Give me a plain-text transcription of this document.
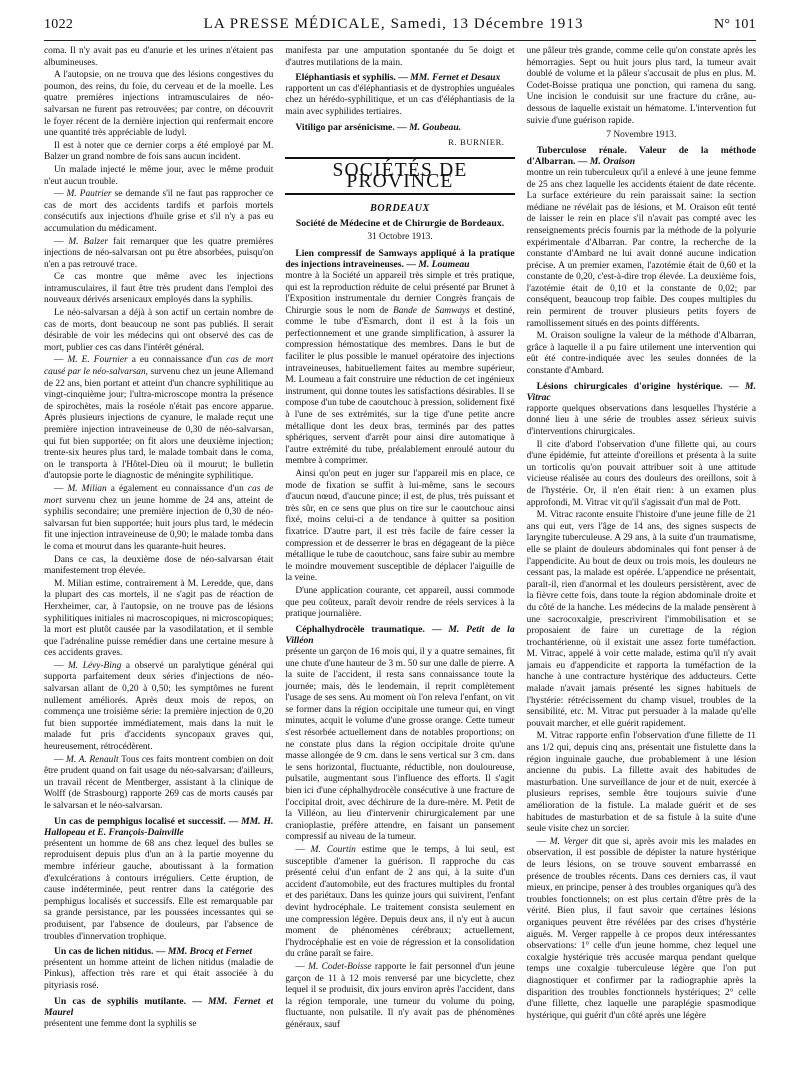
1022	LA PRESSE MÉDICALE, Samedi, 13 Décembre 1913	N° 101

coma. Il n'y avait pas eu d'anurie et les urines n'étaient pas albumineuses.

A l'autopsie, on ne trouva que des lésions congestives du poumon, des reins, du foie, du cerveau et de la moelle. Les quatre premières injections intramusculaires de néo-salvarsan ne furent pas retrouvées; par contre, on découvrit le foyer récent de la dernière injection qui renfermait encore une quantité très appréciable de ludyl.

Il est à noter que ce dernier corps a été employé par M. Balzer un grand nombre de fois sans aucun incident.

Un malade injecté le même jour, avec le même produit n'eut aucun trouble.

— M. Pautrier se demande s'il ne faut pas rapprocher ce cas de mort des accidents tardifs et parfois mortels consécutifs aux injections d'huile grise et s'il n'y a pas eu accumulation du médicament.

— M. Balzer fait remarquer que les quatre premières injections de néo-salvarsan ont pu être absorbées, puisqu'on n'en a pas retrouvé trace.

Ce cas montre que même avec les injections intramusculaires, il faut être très prudent dans l'emploi des nouveaux dérivés arsenicaux employés dans la syphilis.

Le néo-salvarsan a déjà à son actif un certain nombre de cas de morts, dont beaucoup ne sont pas publiés. Il serait désirable de voir les médecins qui ont observé des cas de mort, publier ces cas dans l'intérêt général.

— M. E. Fournier a eu connaissance d'un cas de mort causé par le néo-salvarsan, survenu chez un jeune Allemand de 22 ans, bien portant et atteint d'un chancre syphilitique au vingt-cinquième jour; l'ultra-microscope montra la présence de spirochètes, mais la roséole n'était pas encore apparue. Après plusieurs injections de cyanure, le malade reçut une première injection intraveineuse de 0,30 de néo-salvarsan, qui fut bien supportée; on fit alors une deuxième injection; trente-six heures plus tard, le malade tombait dans le coma, on le transporta à l'Hôtel-Dieu où il mourut; le bulletin d'autopsie porte le diagnostic de méningite syphilitique.

— M. Milian a également eu connaissance d'un cas de mort survenu chez un jeune homme de 24 ans, atteint de syphilis secondaire; une première injection de 0,30 de néo-salvarsan fut bien supportée; huit jours plus tard, le médecin fit une injection intraveineuse de 0,90; le malade tomba dans le coma et mourut dans les quarante-huit heures.

Dans ce cas, la deuxième dose de néo-salvarsan était manifestement trop élevée.

M. Milian estime, contrairement à M. Leredde, que, dans la plupart des cas mortels, il ne s'agit pas de réaction de Herxheimer, car, à l'autopsie, on ne trouve pas de lésions syphilitiques initiales ni macroscopiques, ni microscopiques; la mort est plutôt causée par la vasodilatation, et il semble que l'adrénaline puisse remédier dans une certaine mesure à ces accidents graves.

— M. Lévy-Bing a observé un paralytique général qui supporta parfaitement deux séries d'injections de néo-salvarsan allant de 0,20 à 0,50; les symptômes ne furent nullement améliorés. Après deux mois de repos, on commença une troisième série: la première injection de 0,20 fut bien supportée immédiatement, mais dans la nuit le malade fut pris d'accidents syncopaux graves qui, heureusement, rétrocédèrent.

— M. A. Renault Tous ces faits montrent combien on doit être prudent quand on fait usage du néo-salvarsan; d'ailleurs, un travail récent de Mentberger, assistant à la clinique de Wolff (de Strasbourg) rapporte 269 cas de morts causés par le salvarsan et le néo-salvarsan.

Un cas de pemphigus localisé et successif. — MM. H. Hallopeau et E. François-Dainville

présentent un homme de 68 ans chez lequel des bulles se reproduisent depuis plus d'un an à la partie moyenne du membre inférieur gauche, aboutissant à la formation d'exulcérations à contours irréguliers. Cette éruption, de cause indéterminée, peut rentrer dans la catégorie des pemphigus localisés et successifs. Elle est remarquable par sa grande persistance, par les poussées incessantes qui se produisent, par l'absence de douleurs, par l'absence de troubles d'innervation trophique.

Un cas de lichen nitidus. — MM. Brocq et Fernet

présentent un homme atteint de lichen nitidus (maladie de Pinkus), affection très rare et qui était associée à du pityriasis rosé.

Un cas de syphilis mutilante. — MM. Fernet et Maurel

présentent une femme dont la syphilis se

manifesta par une amputation spontanée du 5e doigt et d'autres mutilations de la main.

Eléphantiasis et syphilis. — MM. Fernet et Desaux

rapportent un cas d'éléphantiasis et de dystrophies unguéales chez un hérédo-syphilitique, et un cas d'éléphantiasis de la main avec syphilides tertiaires.

Vitiligo par arsénicisme. — M. Goubeau.
R. BURNIER.
SOCIÉTÉS DE PROVINCE
BORDEAUX
Société de Médecine et de Chirurgie de Bordeaux.
31 Octobre 1913.
Lien compressif de Samways appliqué à la pratique des injections intraveineuses. — M. Loumeau

montre à la Société un appareil très simple et très pratique, qui est la reproduction réduite de celui présenté par Brunet à l'Exposition instrumentale du dernier Congrès français de Chirurgie sous le nom de Bande de Samways et destiné, comme le tube d'Esmarch, dont il est à la fois un perfectionnement et une grande simplification, à assurer la compression hémostatique des membres. Dans le but de faciliter le plus possible le manuel opératoire des injections intraveineuses, habituellement faites au membre supérieur, M. Loumeau a fait construire une réduction de cet ingénieux instrument, qui donne toutes les satisfactions désirables. Il se compose d'un tube de caoutchouc à pression, solidement fixé à l'une de ses extrémités, sur la tige d'une petite ancre métallique dont les deux bras, terminés par des pattes sphériques, servent d'arrêt pour ainsi dire automatique à l'autre extrémité du tube, préalablement enroulé autour du membre à comprimer.

Ainsi qu'on peut en juger sur l'appareil mis en place, ce mode de fixation se suffit à lui-même, sans le secours d'aucun nœud, d'aucune pince; il est, de plus, très puissant et très sûr, en ce sens que plus on tire sur le caoutchouc ainsi fixé, moins celui-ci a de tendance à quitter sa position fixatrice. D'autre part, il est très facile de faire cesser la compression et de desserrer le bras en dégageant de la pièce métallique le tube de caoutchouc, sans faire subir au membre le moindre mouvement susceptible de déplacer l'aiguille de la veine.

D'une application courante, cet appareil, aussi commode que peu coûteux, paraît devoir rendre de réels services à la pratique journalière.

Céphalhydrocèle traumatique. — M. Petit de la Villéon

présente un garçon de 16 mois qui, il y a quatre semaines, fit une chute d'une hauteur de 3 m. 50 sur une dalle de pierre. A la suite de l'accident, il resta sans connaissance toute la journée; mais, dès le lendemain, il reprit complètement l'usage de ses sens. Au moment où l'on releva l'enfant, on vit se former dans la région occipitale une tumeur qui, en vingt minutes, acquit le volume d'une grosse orange. Cette tumeur s'est résorbée actuellement dans de notables proportions; on ne constate plus dans la région occipitale droite qu'une masse allongée de 9 cm. dans le sens vertical sur 3 cm. dans le sens horizontal, fluctuante, réductible, non douloureuse, pulsatile, augmentant sous l'influence des efforts. Il s'agit bien ici d'une céphalhydrocèle consécutive à une fracture de l'occipital droit, avec déchirure de la dure-mère. M. Petit de la Villéon, au lieu d'intervenir chirurgicalement par une cranioplastie, préfère attendre, en faisant un pansement compressif au niveau de la tumeur.

— M. Courtin estime que le temps, à lui seul, est susceptible d'amener la guérison. Il rapproche du cas présenté celui d'un enfant de 2 ans qui, à la suite d'un accident d'automobile, eut des fractures multiples du frontal et des pariétaux. Dans les quinze jours qui suivirent, l'enfant devint hydrocéphale. Le traitement consista seulement en une compression légère. Depuis deux ans, il n'y eut à aucun moment de phénomènes cérébraux; actuellement, l'hydrocéphalie est en voie de régression et la consolidation du crâne paraît se faire.

— M. Codet-Boisse rapporte le fait personnel d'un jeune garçon de 11 à 12 mois renversé par une bicyclette, chez lequel il se produisit, dix jours environ après l'accident, dans la région temporale, une tumeur du volume du poing, fluctuante, non pulsatile. Il n'y avait pas de phénomènes généraux, sauf

une pâleur très grande, comme celle qu'on constate après les hémorragies. Sept ou huit jours plus tard, la tumeur avait doublé de volume et la pâleur s'accusait de plus en plus. M. Codet-Boisse pratiqua une ponction, qui ramena du sang. Une incision le conduisit sur une fracture du crâne, au-dessous de laquelle existait un hématome. L'intervention fut suivie d'une guérison rapide.

7 Novembre 1913.
Tuberculose rénale. Valeur de la méthode d'Albarran. — M. Oraison

montre un rein tuberculeux qu'il a enlevé à une jeune femme de 25 ans chez laquelle les accidents étaient de date récente. La surface extérieure du rein paraissait saine: la section médiane ne révélait pas de lésions, et M. Oraison eût tenté de laisser le rein en place s'il n'avait pas compté avec les renseignements précis fournis par la méthode de la polyurie expérimentale d'Albarran. Par contre, la recherche de la constante d'Ambard ne lui avait donné aucune indication précise. A un premier examen, l'azotémie était de 0,60 et la constante de 0,20, c'est-à-dire trop élevée. La deuxième fois, l'azotémie était de 0,10 et la constante de 0,02; par conséquent, beaucoup trop faible. Des coupes multiples du rein permirent de trouver plusieurs petits foyers de ramollissement situés en des points différents.

M. Oraison souligne la valeur de la méthode d'Albarran, grâce à laquelle il a pu faire utilement une intervention qui eût été contre-indiquée avec les seules données de la constante d'Ambard.

Lésions chirurgicales d'origine hystérique. — M. Vitrac

rapporte quelques observations dans lesquelles l'hystérie a donné lieu à une série de troubles assez sérieux suivis d'interventions chirurgicales.

Il cite d'abord l'observation d'une fillette qui, au cours d'une épidémie, fut atteinte d'oreillons et présenta à la suite un torticolis qu'on pouvait attribuer soit à une attitude vicieuse réalisée au cours des douleurs des oreillons, soit à de l'hystérie. Or, il n'en était rien: à un examen plus approfondi, M. Vitrac vit qu'il s'agissait d'un mal de Pott.

M. Vitrac raconte ensuite l'histoire d'une jeune fille de 21 ans qui eut, vers l'âge de 14 ans, des signes suspects de laryngite tuberculeuse. A 29 ans, à la suite d'un traumatisme, elle se plaint de douleurs abdominales qui font penser à de l'appendicite. Au bout de deux ou trois mois, les douleurs ne cessant pas, la malade est opérée. L'appendice ne présentait, paraît-il, rien d'anormal et les douleurs persistèrent, avec de la fièvre cette fois, dans toute la région abdominale droite et du côté de la hanche. Les médecins de la malade pensèrent à une sacrocoxalgie, prescrivirent l'immobilisation et se proposaient de faire un curettage de la région trochantérienne, où il existait une assez forte tuméfaction. M. Vitrac, appelé à voir cette malade, estima qu'il n'y avait jamais eu d'appendicite et rapporta la tuméfaction de la hanche à une contracture hystérique des adducteurs. Cette malade n'avait jamais présenté les signes habituels de l'hystérie: rétrécissement du champ visuel, troubles de la sensibilité, etc. M. Vitrac put persuader à la malade qu'elle pouvait marcher, et elle guérit rapidement.

M. Vitrac rapporte enfin l'observation d'une fillette de 11 ans 1/2 qui, depuis cinq ans, présentait une fistulette dans la région inguinale gauche, due probablement à une lésion ancienne du pubis. La fillette avait des habitudes de masturbation. Une surveillance de jour et de nuit, exercée à plusieurs reprises, semble être toujours suivie d'une amélioration de la fistule. La malade guérit et de ses habitudes de masturbation et de sa fistule à la suite d'une seule visite chez un sorcier.

— M. Verger dit que si, après avoir mis les malades en observation, il est possible de dépister la nature hystérique de leurs lésions, on se trouve souvent embarrassé en présence de troubles récents. Dans ces derniers cas, il vaut mieux, en principe, penser à des troubles organiques qu'à des troubles fonctionnels; on est plus certain d'être près de la vérité. Bien plus, il faut savoir que certaines lésions organiques peuvent être révélées par des crises d'hystérie aiguës. M. Verger rappelle à ce propos deux intéressantes observations: 1° celle d'un jeune homme, chez lequel une coxalgie hystérique très accusée marqua pendant quelque temps une coxalgie tuberculeuse légère que l'on put diagnostiquer et confirmer par la radiographie après la disparition des troubles fonctionnels hystériques; 2° celle d'une fillette, chez laquelle une paraplégie spasmodique hystérique, qui guérit d'un côté après une légère
